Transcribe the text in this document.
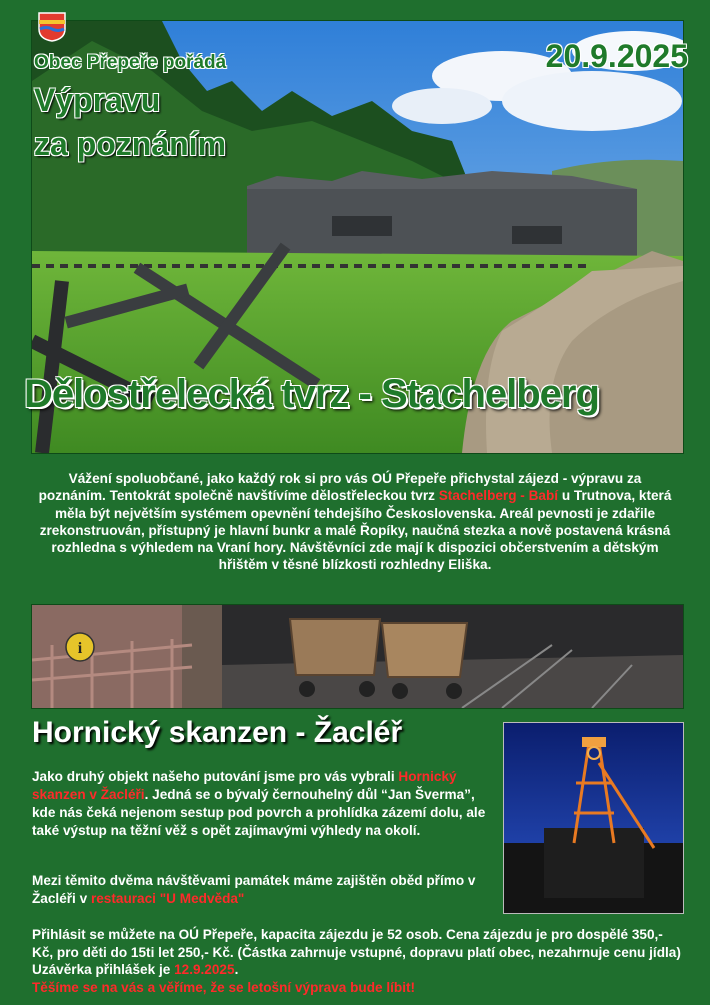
Obec Přepeře pořádá
Výpravu
za poznáním
20.9.2025
Dělostřelecká tvrz - Stachelberg
Vážení spoluobčané, jako každý rok si pro vás OÚ Přepeře přichystal zájezd - výpravu za poznáním. Tentokrát společně navštívíme dělostřeleckou tvrz Stachelberg - Babí u Trutnova, která měla být největším systémem opevnění tehdejšího Československa. Areál pevnosti je zdařile zrekonstruován, přístupný je hlavní bunkr a malé Řopíky, naučná stezka a nově postavená krásná rozhledna s výhledem na Vraní hory. Návštěvníci zde mají k dispozici občerstvením a dětským hřištěm v těsné blízkosti rozhledny Eliška.
i
Hornický skanzen - Žacléř
Jako druhý objekt našeho putování jsme pro vás vybrali Hornický skanzen v Žacléři. Jedná se o bývalý černouhelný důl “Jan Šverma”, kde nás čeká nejenom sestup pod povrch a prohlídka zázemí dolu, ale také výstup na těžní věž s opět zajímavými výhledy na okolí.
Mezi těmito dvěma návštěvami památek máme zajištěn oběd přímo v Žacléři v restauraci "U Medvěda"
Přihlásit se můžete na OÚ Přepeře, kapacita zájezdu je 52 osob. Cena zájezdu je pro dospělé 350,-Kč, pro děti do 15ti let 250,- Kč. (Částka zahrnuje vstupné, dopravu platí obec, nezahrnuje cenu jídla) Uzávěrka přihlášek je 12.9.2025.
Těšíme se na vás a věříme, že se letošní výprava bude líbit!
